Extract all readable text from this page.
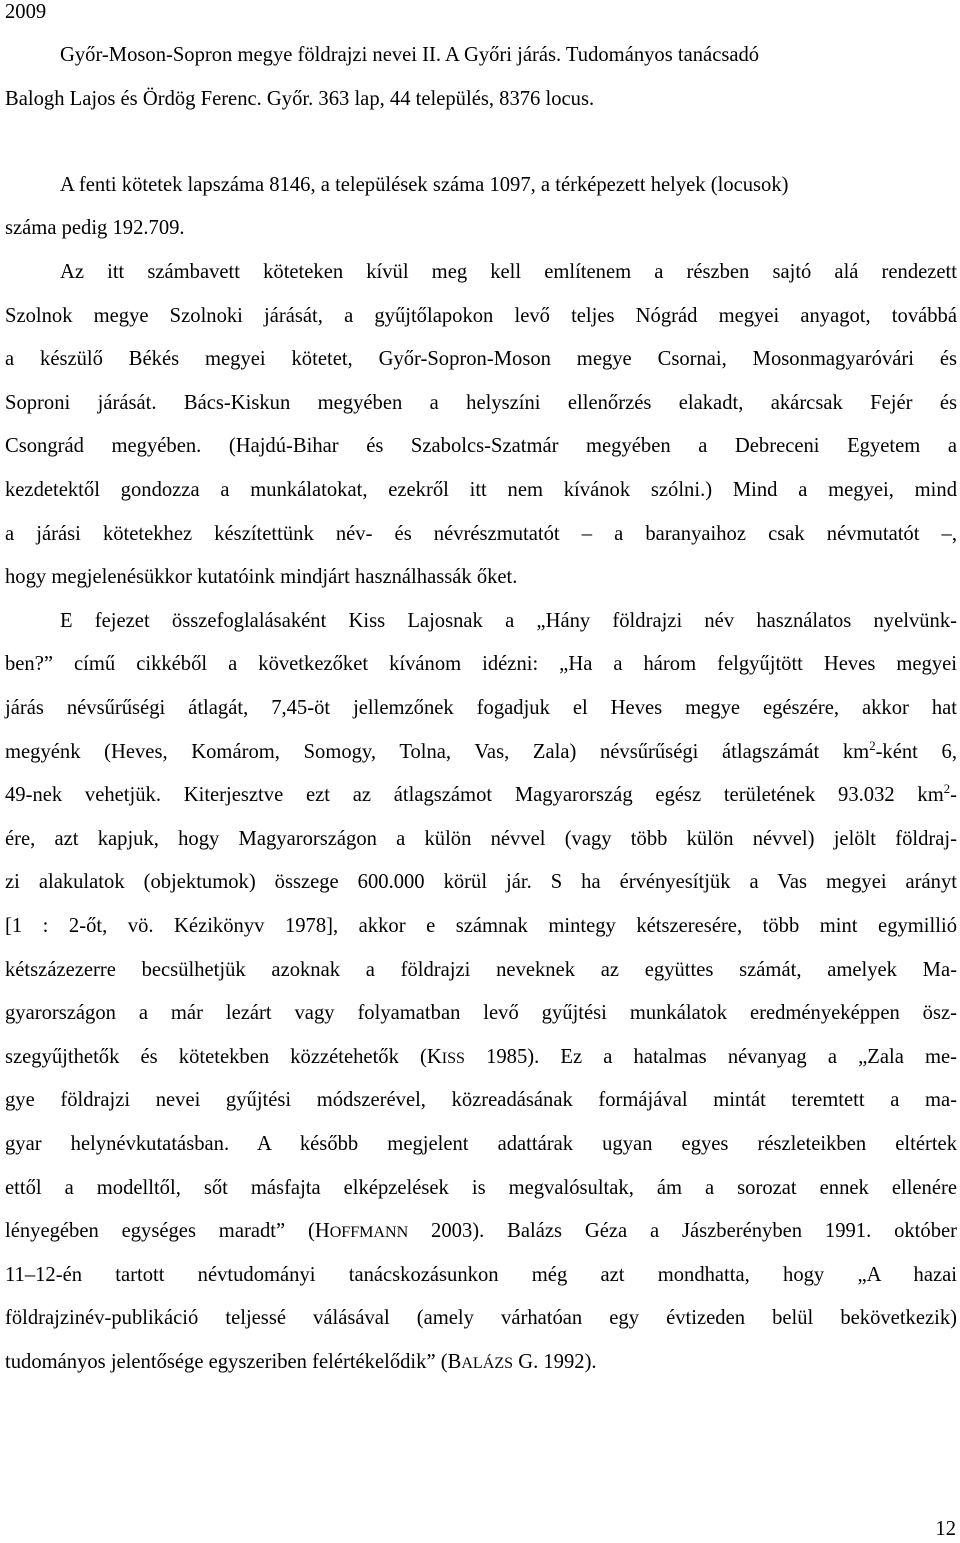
2009
Győr-Moson-Sopron megye földrajzi nevei II. A Győri járás. Tudományos tanácsadó
Balogh Lajos és Ördög Ferenc. Győr. 363 lap, 44 település, 8376 locus.
A fenti kötetek lapszáma 8146, a települések száma 1097, a térképezett helyek (locusok)
száma pedig 192.709.
Az itt számbavett köteteken kívül meg kell említenem a részben sajtó alá rendezett
Szolnok megye Szolnoki járását, a gyűjtőlapokon levő teljes Nógrád megyei anyagot, továbbá
a készülő Békés megyei kötetet, Győr-Sopron-Moson megye Csornai, Mosonmagyaróvári és
Soproni járását. Bács-Kiskun megyében a helyszíni ellenőrzés elakadt, akárcsak Fejér és
Csongrád megyében. (Hajdú-Bihar és Szabolcs-Szatmár megyében a Debreceni Egyetem a
kezdetektől gondozza a munkálatokat, ezekről itt nem kívánok szólni.) Mind a megyei, mind
a járási kötetekhez készítettünk név- és névrészmutatót – a baranyaihoz csak névmutatót –,
hogy megjelenésükkor kutatóink mindjárt használhassák őket.
E fejezet összefoglalásaként Kiss Lajosnak a „Hány földrajzi név használatos nyelvünk-
ben?” című cikkéből a következőket kívánom idézni: „Ha a három felgyűjtött Heves megyei
járás névsűrűségi átlagát, 7,45-öt jellemzőnek fogadjuk el Heves megye egészére, akkor hat
megyénk (Heves, Komárom, Somogy, Tolna, Vas, Zala) névsűrűségi átlagszámát $km^2$-ként 6,
49-nek vehetjük. Kiterjesztve ezt az átlagszámot Magyarország egész területének 93.032 $km^2-$
ére, azt kapjuk, hogy Magyarországon a külön névvel (vagy több külön névvel) jelölt földraj-
zi alakulatok (objektumok) összege 600.000 körül jár. S ha érvényesítjük a Vas megyei arányt
[1 : 2-őt, vö. Kézikönyv 1978], akkor e számnak mintegy kétszeresére, több mint egymillió
kétszázezerre becsülhetjük azoknak a földrajzi neveknek az együttes számát, amelyek Ma-
gyarországon a már lezárt vagy folyamatban levő gyűjtési munkálatok eredményeképpen ösz-
szegyűjthetők és kötetekben közzétehetők (KISS 1985). Ez a hatalmas névanyag a „Zala me-
gye földrajzi nevei gyűjtési módszerével, közreadásának formájával mintát teremtett a ma-
gyar helynévkutatásban. A később megjelent adattárak ugyan egyes részleteikben eltértek
ettől a modelltől, sőt másfajta elképzelések is megvalósultak, ám a sorozat ennek ellenére
lényegében egységes maradt” (HOFFMANN 2003). Balázs Géza a Jászberényben 1991. október
11–12-én tartott névtudományi tanácskozásunkon még azt mondhatta, hogy „A hazai
földrajzinév-publikáció teljessé válásával (amely várhatóan egy évtizeden belül bekövetkezik)
tudományos jelentősége egyszeriben felértékelődik” (BALÁZS G. 1992).
12
